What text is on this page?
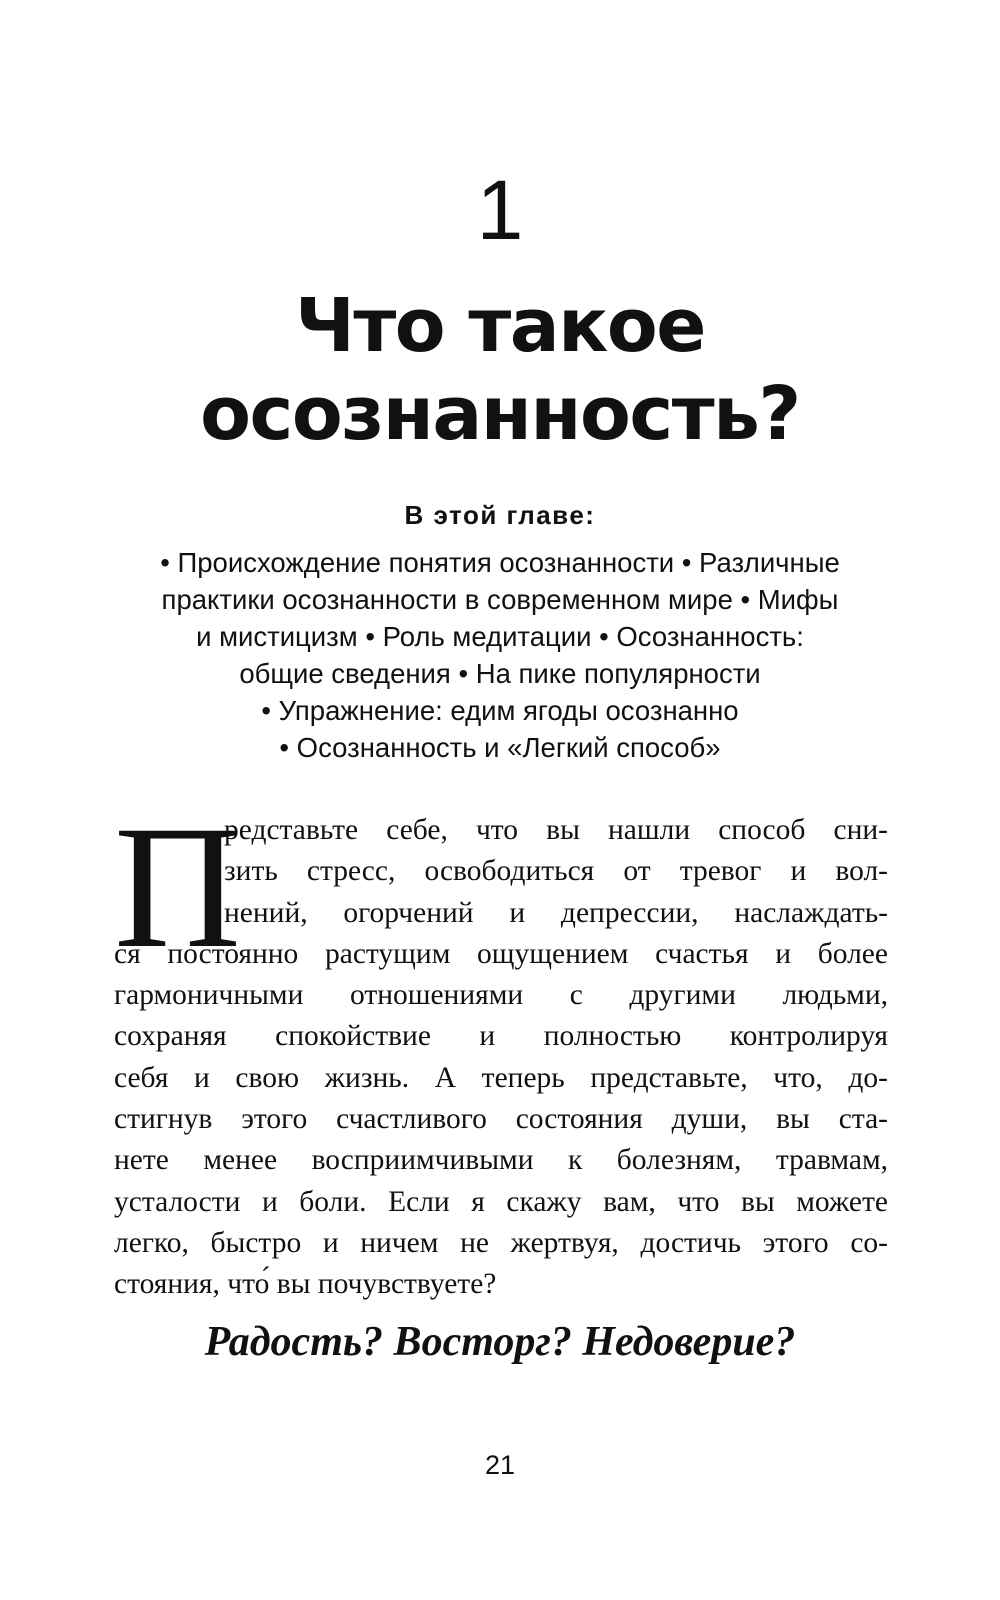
1
Что такое
осознанность?
В этой главе:
• Происхождение понятия осознанности • Различные
практики осознанности в современном мире • Мифы
и мистицизм • Роль медитации • Осознанность:
общие сведения • На пике популярности
• Упражнение: едим ягоды осознанно
• Осознанность и «Легкий способ»
П
редставьте себе, что вы нашли способ сни-
зить стресс, освободиться от тревог и вол-
нений, огорчений и депрессии, наслаждать-
ся постоянно растущим ощущением счастья и более
гармоничными отношениями с другими людьми,
сохраняя спокойствие и полностью контролируя
себя и свою жизнь. А теперь представьте, что, до-
стигнув этого счастливого состояния души, вы ста-
нете менее восприимчивыми к болезням, травмам,
усталости и боли. Если я скажу вам, что вы можете
легко, быстро и ничем не жертвуя, достичь этого со-
стояния, что́ вы почувствуете?
Радость? Восторг? Недоверие?
21
